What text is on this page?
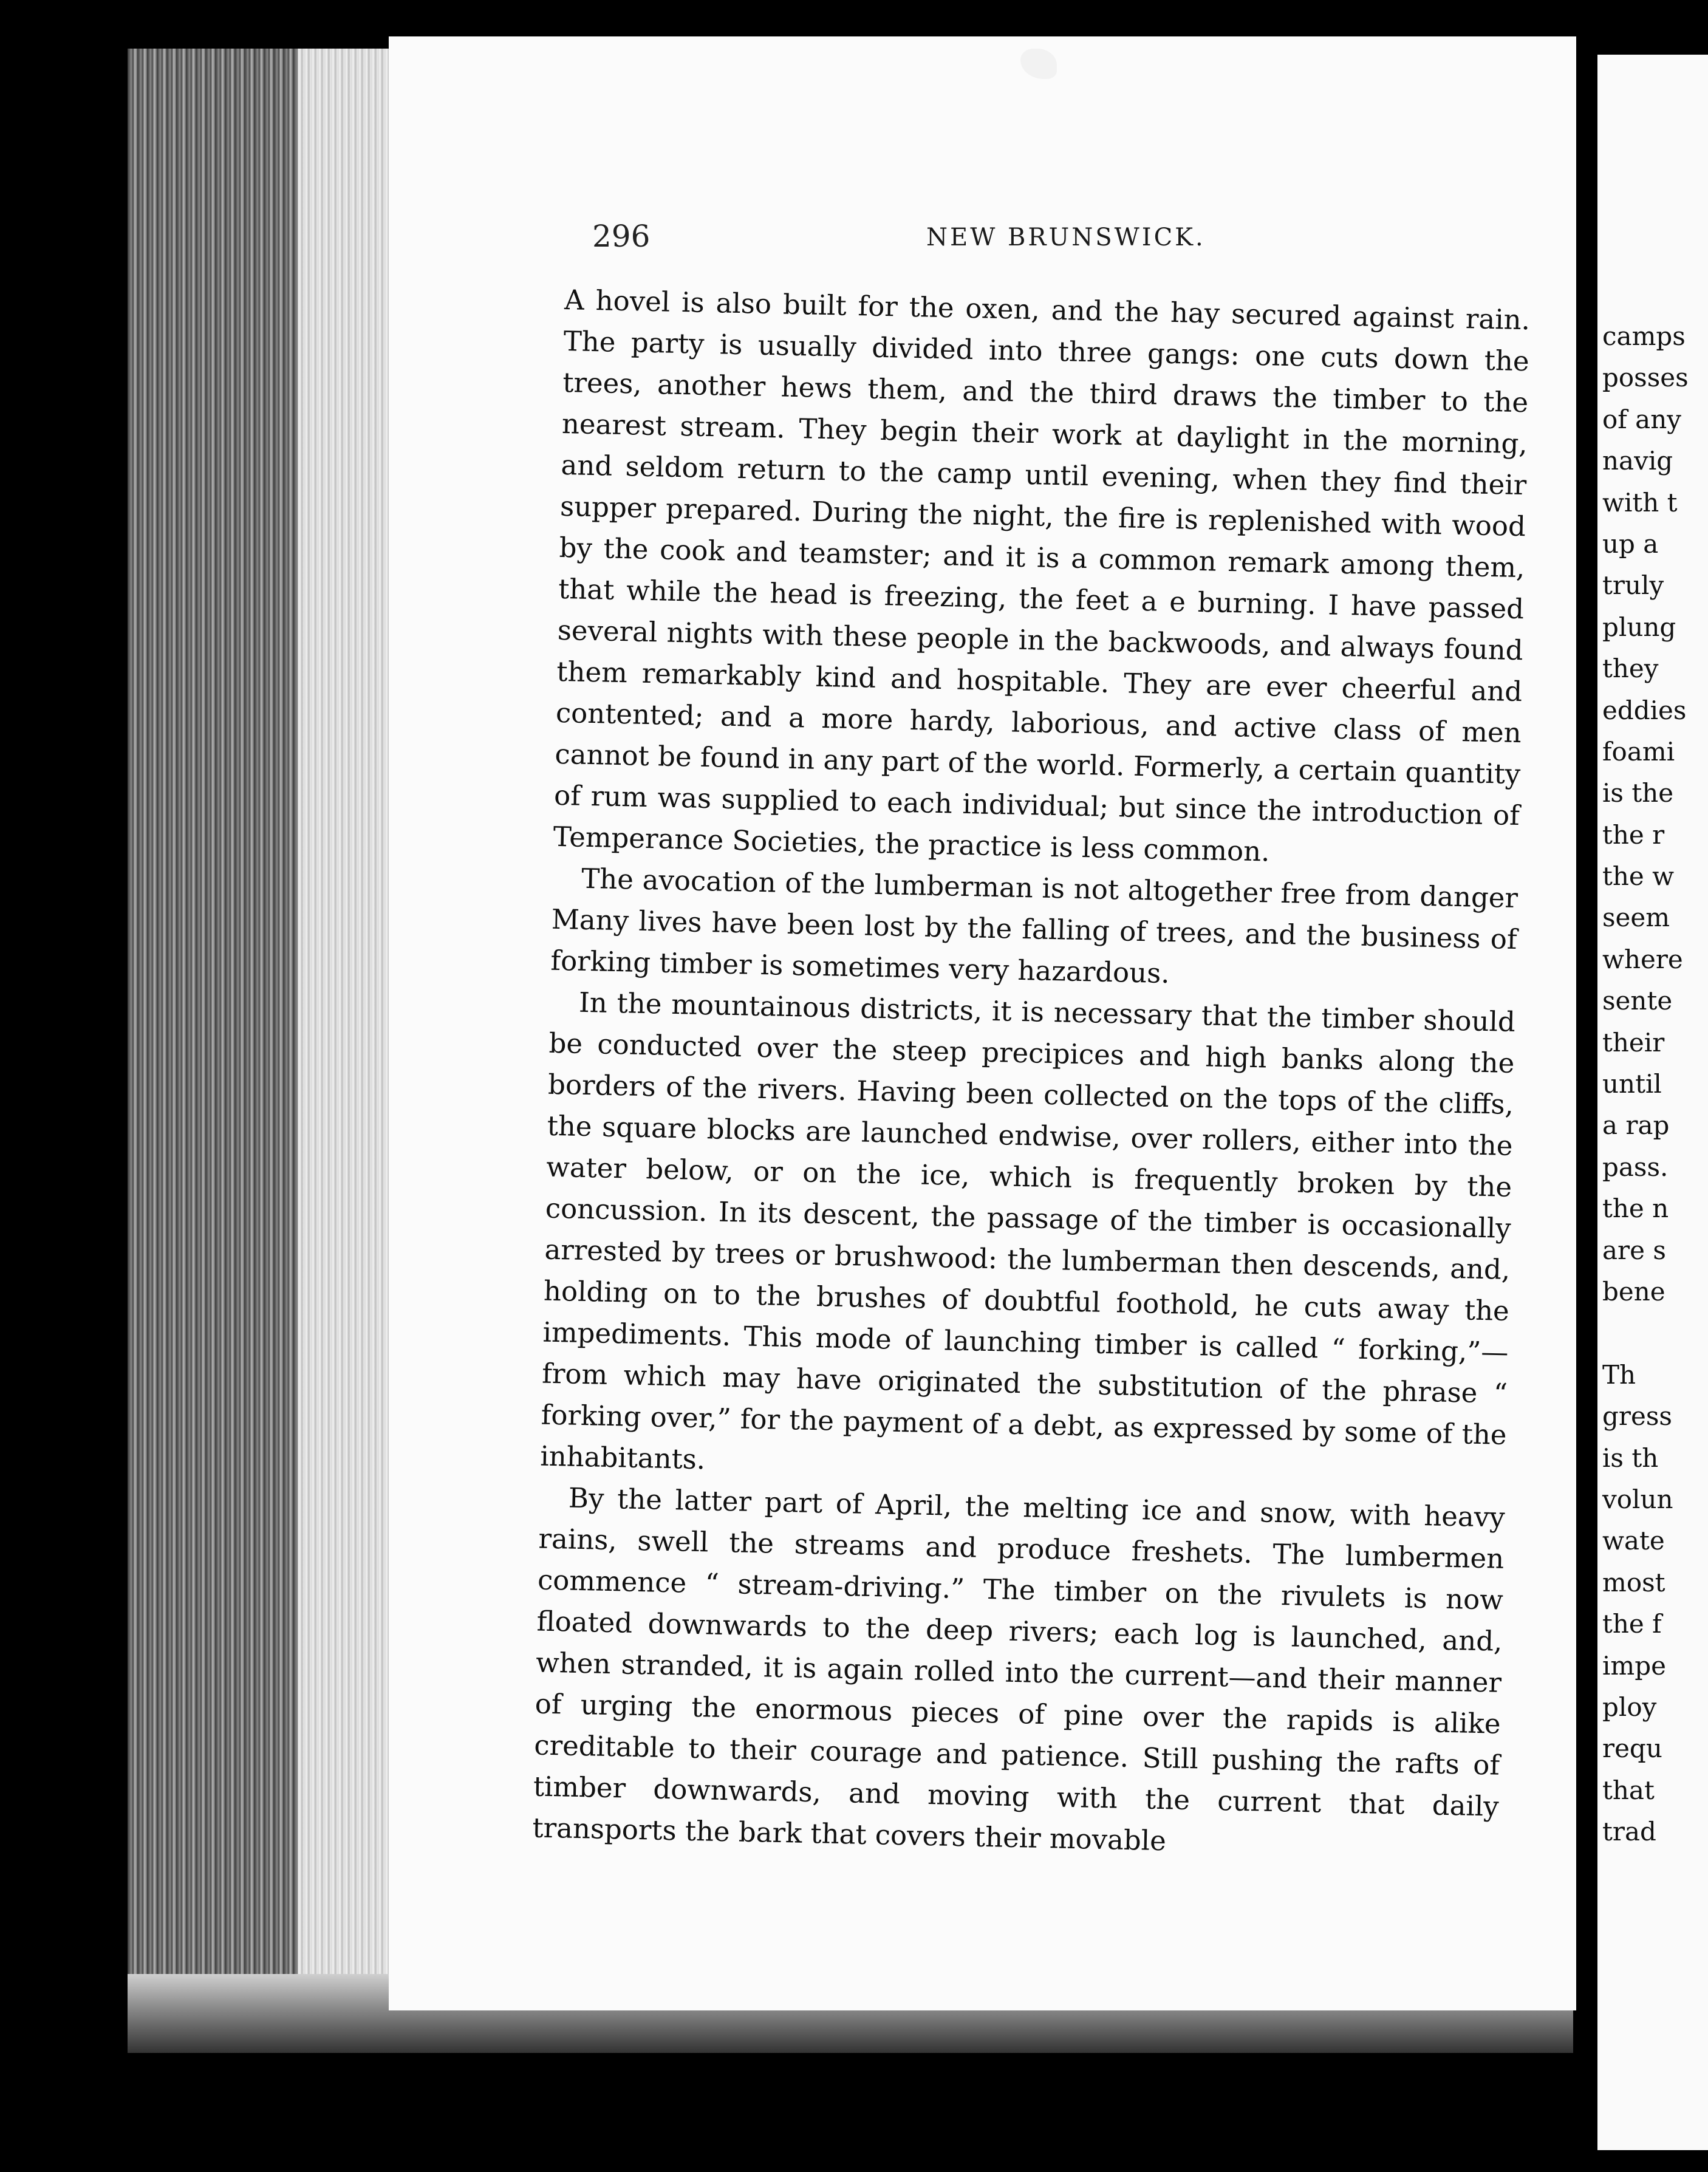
296	NEW BRUNSWICK.

A hovel is also built for the oxen, and the hay secured against rain. The party is usually divided into three gangs: one cuts down the trees, another hews them, and the third draws the timber to the nearest stream. They begin their work at daylight in the morning, and seldom return to the camp until evening, when they find their supper prepared. During the night, the fire is replenished with wood by the cook and teamster; and it is a common remark among them, that while the head is freezing, the feet a e burning. I have passed several nights with these people in the backwoods, and always found them remarkably kind and hospitable. They are ever cheerful and contented; and a more hardy, laborious, and active class of men cannot be found in any part of the world. Formerly, a certain quantity of rum was supplied to each individual; but since the introduction of Temperance Societies, the practice is less common.

The avocation of the lumberman is not altogether free from danger Many lives have been lost by the falling of trees, and the business of forking timber is sometimes very hazardous.

In the mountainous districts, it is necessary that the timber should be conducted over the steep precipices and high banks along the borders of the rivers. Having been collected on the tops of the cliffs, the square blocks are launched endwise, over rollers, either into the water below, or on the ice, which is frequently broken by the concussion. In its descent, the passage of the timber is occasionally arrested by trees or brushwood: the lumberman then descends, and, holding on to the brushes of doubtful foothold, he cuts away the impediments. This mode of launching timber is called “ forking,”—from which may have originated the substitution of the phrase “ forking over,” for the payment of a debt, as expressed by some of the inhabitants.

By the latter part of April, the melting ice and snow, with heavy rains, swell the streams and produce freshets. The lumbermen commence “ stream-driving.” The timber on the rivulets is now floated downwards to the deep rivers; each log is launched, and, when stranded, it is again rolled into the current—and their manner of urging the enormous pieces of pine over the rapids is alike creditable to their courage and patience. Still pushing the rafts of timber downwards, and moving with the current that daily transports the bark that covers their movable

camps
posses
of any
navig
with t
up a
truly
plung
they
eddies
foami
is the
the r
the w
seem
where
sente
their
until
a rap
pass.
the n
are s
bene
Th
gress
is th
volun
wate
most
the f
impe
ploy
requ
that
trad
